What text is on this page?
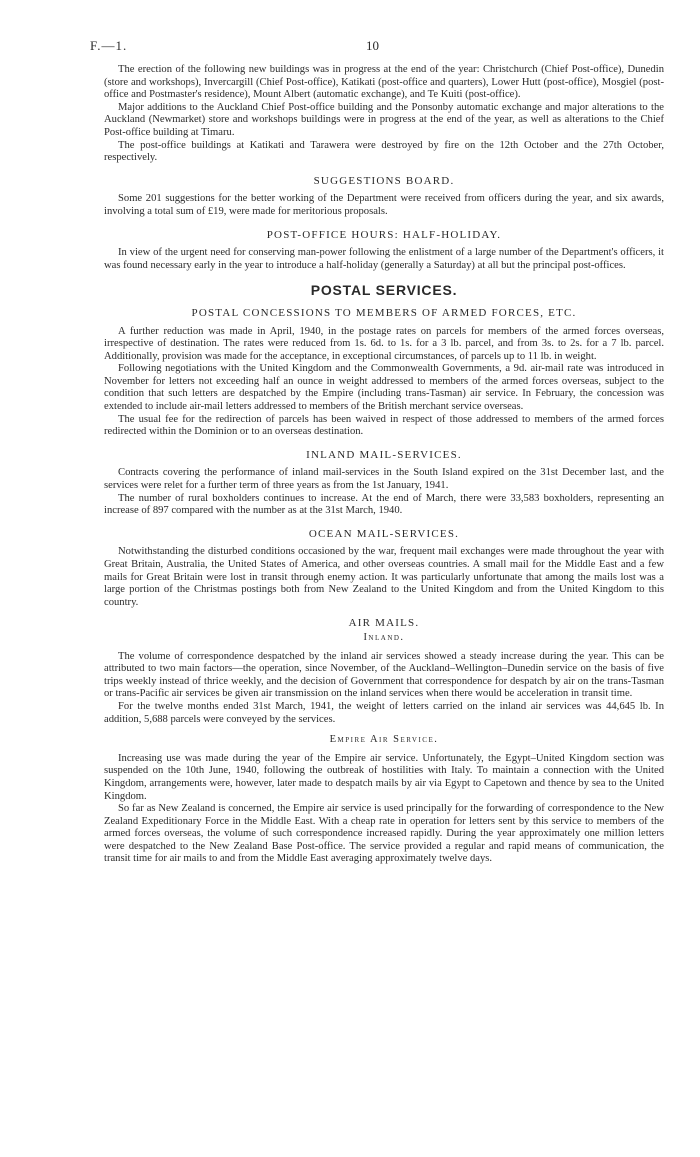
F.—1.	10

The erection of the following new buildings was in progress at the end of the year: Christchurch (Chief Post-office), Dunedin (store and workshops), Invercargill (Chief Post-office), Katikati (post-office and quarters), Lower Hutt (post-office), Mosgiel (post-office and Postmaster's residence), Mount Albert (automatic exchange), and Te Kuiti (post-office).

Major additions to the Auckland Chief Post-office building and the Ponsonby automatic exchange and major alterations to the Auckland (Newmarket) store and workshops buildings were in progress at the end of the year, as well as alterations to the Chief Post-office building at Timaru.

The post-office buildings at Katikati and Tarawera were destroyed by fire on the 12th October and the 27th October, respectively.

SUGGESTIONS BOARD.

Some 201 suggestions for the better working of the Department were received from officers during the year, and six awards, involving a total sum of £19, were made for meritorious proposals.

POST-OFFICE HOURS: HALF-HOLIDAY.

In view of the urgent need for conserving man-power following the enlistment of a large number of the Department's officers, it was found necessary early in the year to introduce a half-holiday (generally a Saturday) at all but the principal post-offices.

POSTAL SERVICES.
POSTAL CONCESSIONS TO MEMBERS OF ARMED FORCES, ETC.

A further reduction was made in April, 1940, in the postage rates on parcels for members of the armed forces overseas, irrespective of destination. The rates were reduced from 1s. 6d. to 1s. for a 3 lb. parcel, and from 3s. to 2s. for a 7 lb. parcel. Additionally, provision was made for the acceptance, in exceptional circumstances, of parcels up to 11 lb. in weight.

Following negotiations with the United Kingdom and the Commonwealth Governments, a 9d. air-mail rate was introduced in November for letters not exceeding half an ounce in weight addressed to members of the armed forces overseas, subject to the condition that such letters are despatched by the Empire (including trans-Tasman) air service. In February, the concession was extended to include air-mail letters addressed to members of the British merchant service overseas.

The usual fee for the redirection of parcels has been waived in respect of those addressed to members of the armed forces redirected within the Dominion or to an overseas destination.

INLAND MAIL-SERVICES.

Contracts covering the performance of inland mail-services in the South Island expired on the 31st December last, and the services were relet for a further term of three years as from the 1st January, 1941.

The number of rural boxholders continues to increase. At the end of March, there were 33,583 boxholders, representing an increase of 897 compared with the number as at the 31st March, 1940.

OCEAN MAIL-SERVICES.

Notwithstanding the disturbed conditions occasioned by the war, frequent mail exchanges were made throughout the year with Great Britain, Australia, the United States of America, and other overseas countries. A small mail for the Middle East and a few mails for Great Britain were lost in transit through enemy action. It was particularly unfortunate that among the mails lost was a large portion of the Christmas postings both from New Zealand to the United Kingdom and from the United Kingdom to this country.

AIR MAILS.
Inland.

The volume of correspondence despatched by the inland air services showed a steady increase during the year. This can be attributed to two main factors—the operation, since November, of the Auckland–Wellington–Dunedin service on the basis of five trips weekly instead of thrice weekly, and the decision of Government that correspondence for despatch by air on the trans-Tasman or trans-Pacific air services be given air transmission on the inland services when there would be acceleration in transit time.

For the twelve months ended 31st March, 1941, the weight of letters carried on the inland air services was 44,645 lb. In addition, 5,688 parcels were conveyed by the services.

Empire Air Service.

Increasing use was made during the year of the Empire air service. Unfortunately, the Egypt–United Kingdom section was suspended on the 10th June, 1940, following the outbreak of hostilities with Italy. To maintain a connection with the United Kingdom, arrangements were, however, later made to despatch mails by air via Egypt to Capetown and thence by sea to the United Kingdom.

So far as New Zealand is concerned, the Empire air service is used principally for the forwarding of correspondence to the New Zealand Expeditionary Force in the Middle East. With a cheap rate in operation for letters sent by this service to members of the armed forces overseas, the volume of such correspondence increased rapidly. During the year approximately one million letters were despatched to the New Zealand Base Post-office. The service provided a regular and rapid means of communication, the transit time for air mails to and from the Middle East averaging approximately twelve days.
